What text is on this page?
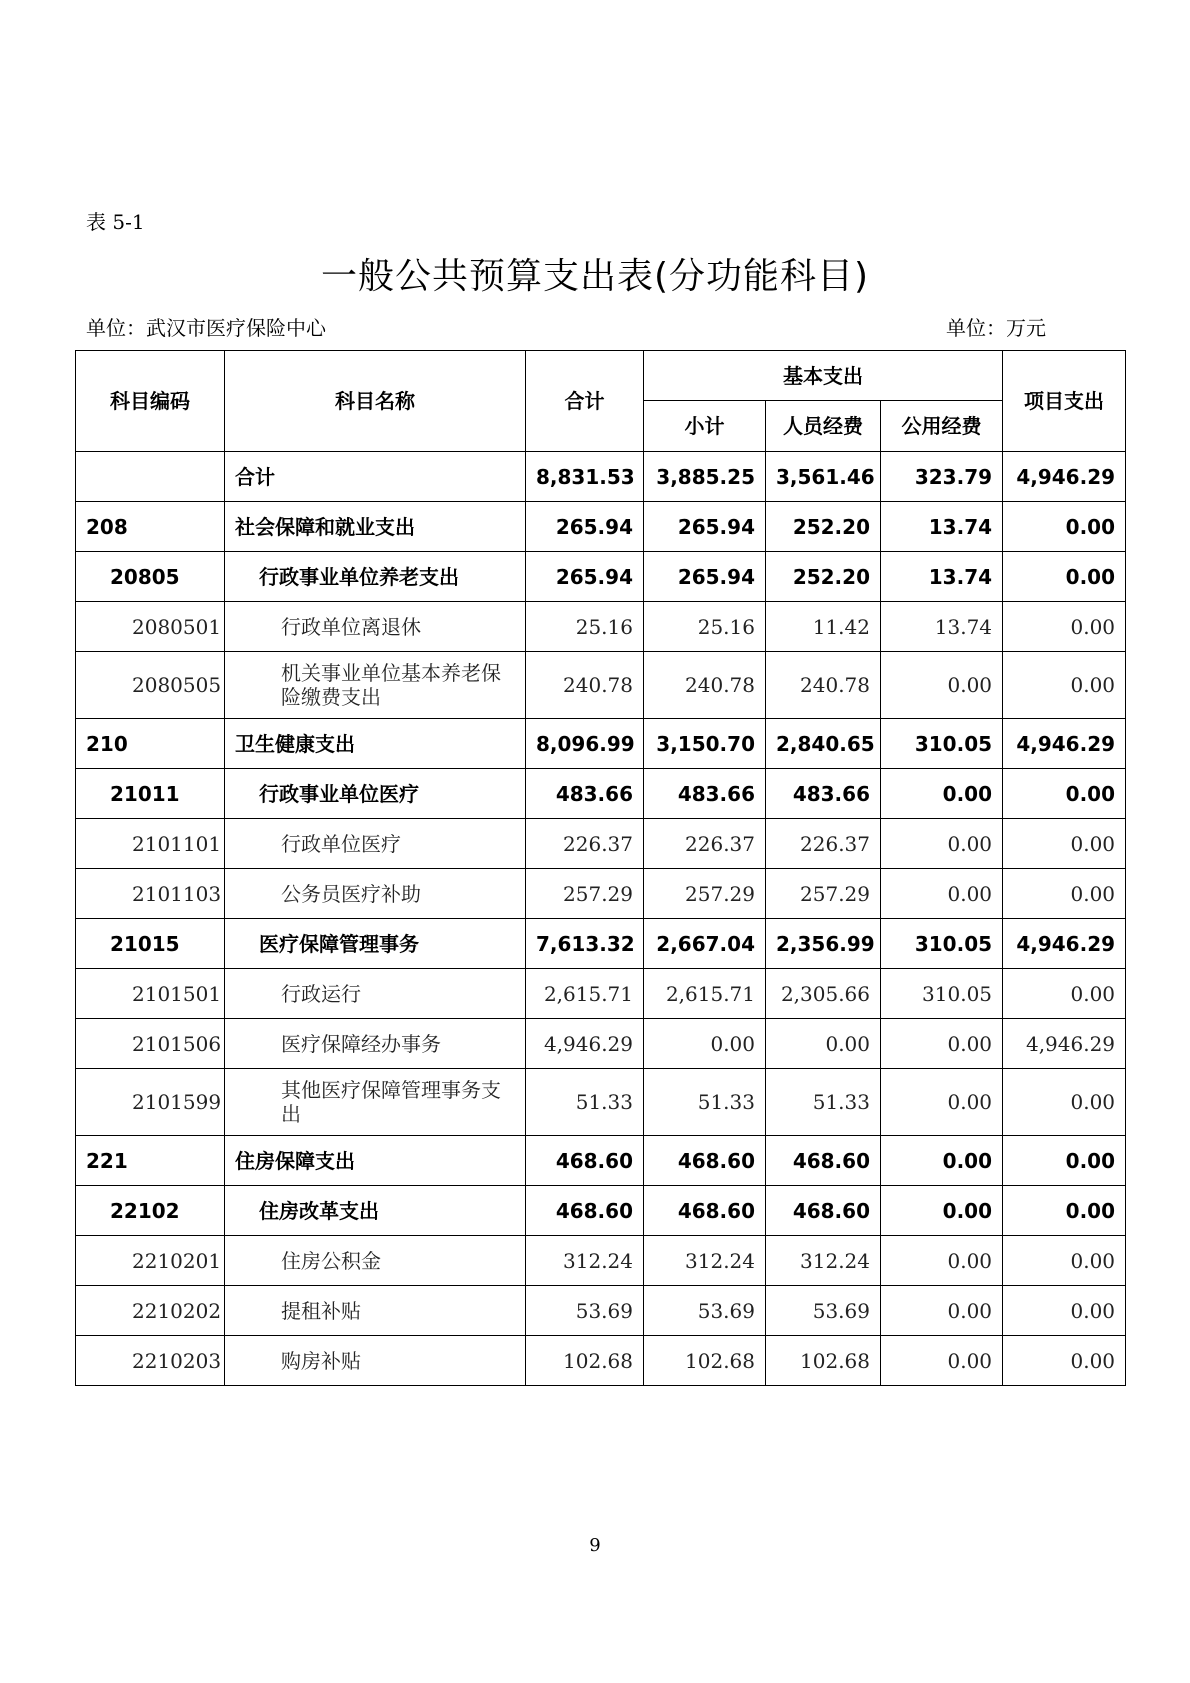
表 5-1
一般公共预算支出表(分功能科目)
单位：武汉市医疗保险中心	单位：万元
科目编码	科目名称	合计	基本支出			项目支出
			小计	人员经费	公用经费	
	合计	8,831.53	3,885.25	3,561.46	323.79	4,946.29
208	社会保障和就业支出	265.94	265.94	252.20	13.74	0.00
20805	行政事业单位养老支出	265.94	265.94	252.20	13.74	0.00
2080501	行政单位离退休	25.16	25.16	11.42	13.74	0.00
2080505	机关事业单位基本养老保险缴费支出	240.78	240.78	240.78	0.00	0.00
210	卫生健康支出	8,096.99	3,150.70	2,840.65	310.05	4,946.29
21011	行政事业单位医疗	483.66	483.66	483.66	0.00	0.00
2101101	行政单位医疗	226.37	226.37	226.37	0.00	0.00
2101103	公务员医疗补助	257.29	257.29	257.29	0.00	0.00
21015	医疗保障管理事务	7,613.32	2,667.04	2,356.99	310.05	4,946.29
2101501	行政运行	2,615.71	2,615.71	2,305.66	310.05	0.00
2101506	医疗保障经办事务	4,946.29	0.00	0.00	0.00	4,946.29
2101599	其他医疗保障管理事务支出	51.33	51.33	51.33	0.00	0.00
221	住房保障支出	468.60	468.60	468.60	0.00	0.00
22102	住房改革支出	468.60	468.60	468.60	0.00	0.00
2210201	住房公积金	312.24	312.24	312.24	0.00	0.00
2210202	提租补贴	53.69	53.69	53.69	0.00	0.00
2210203	购房补贴	102.68	102.68	102.68	0.00	0.00
9
